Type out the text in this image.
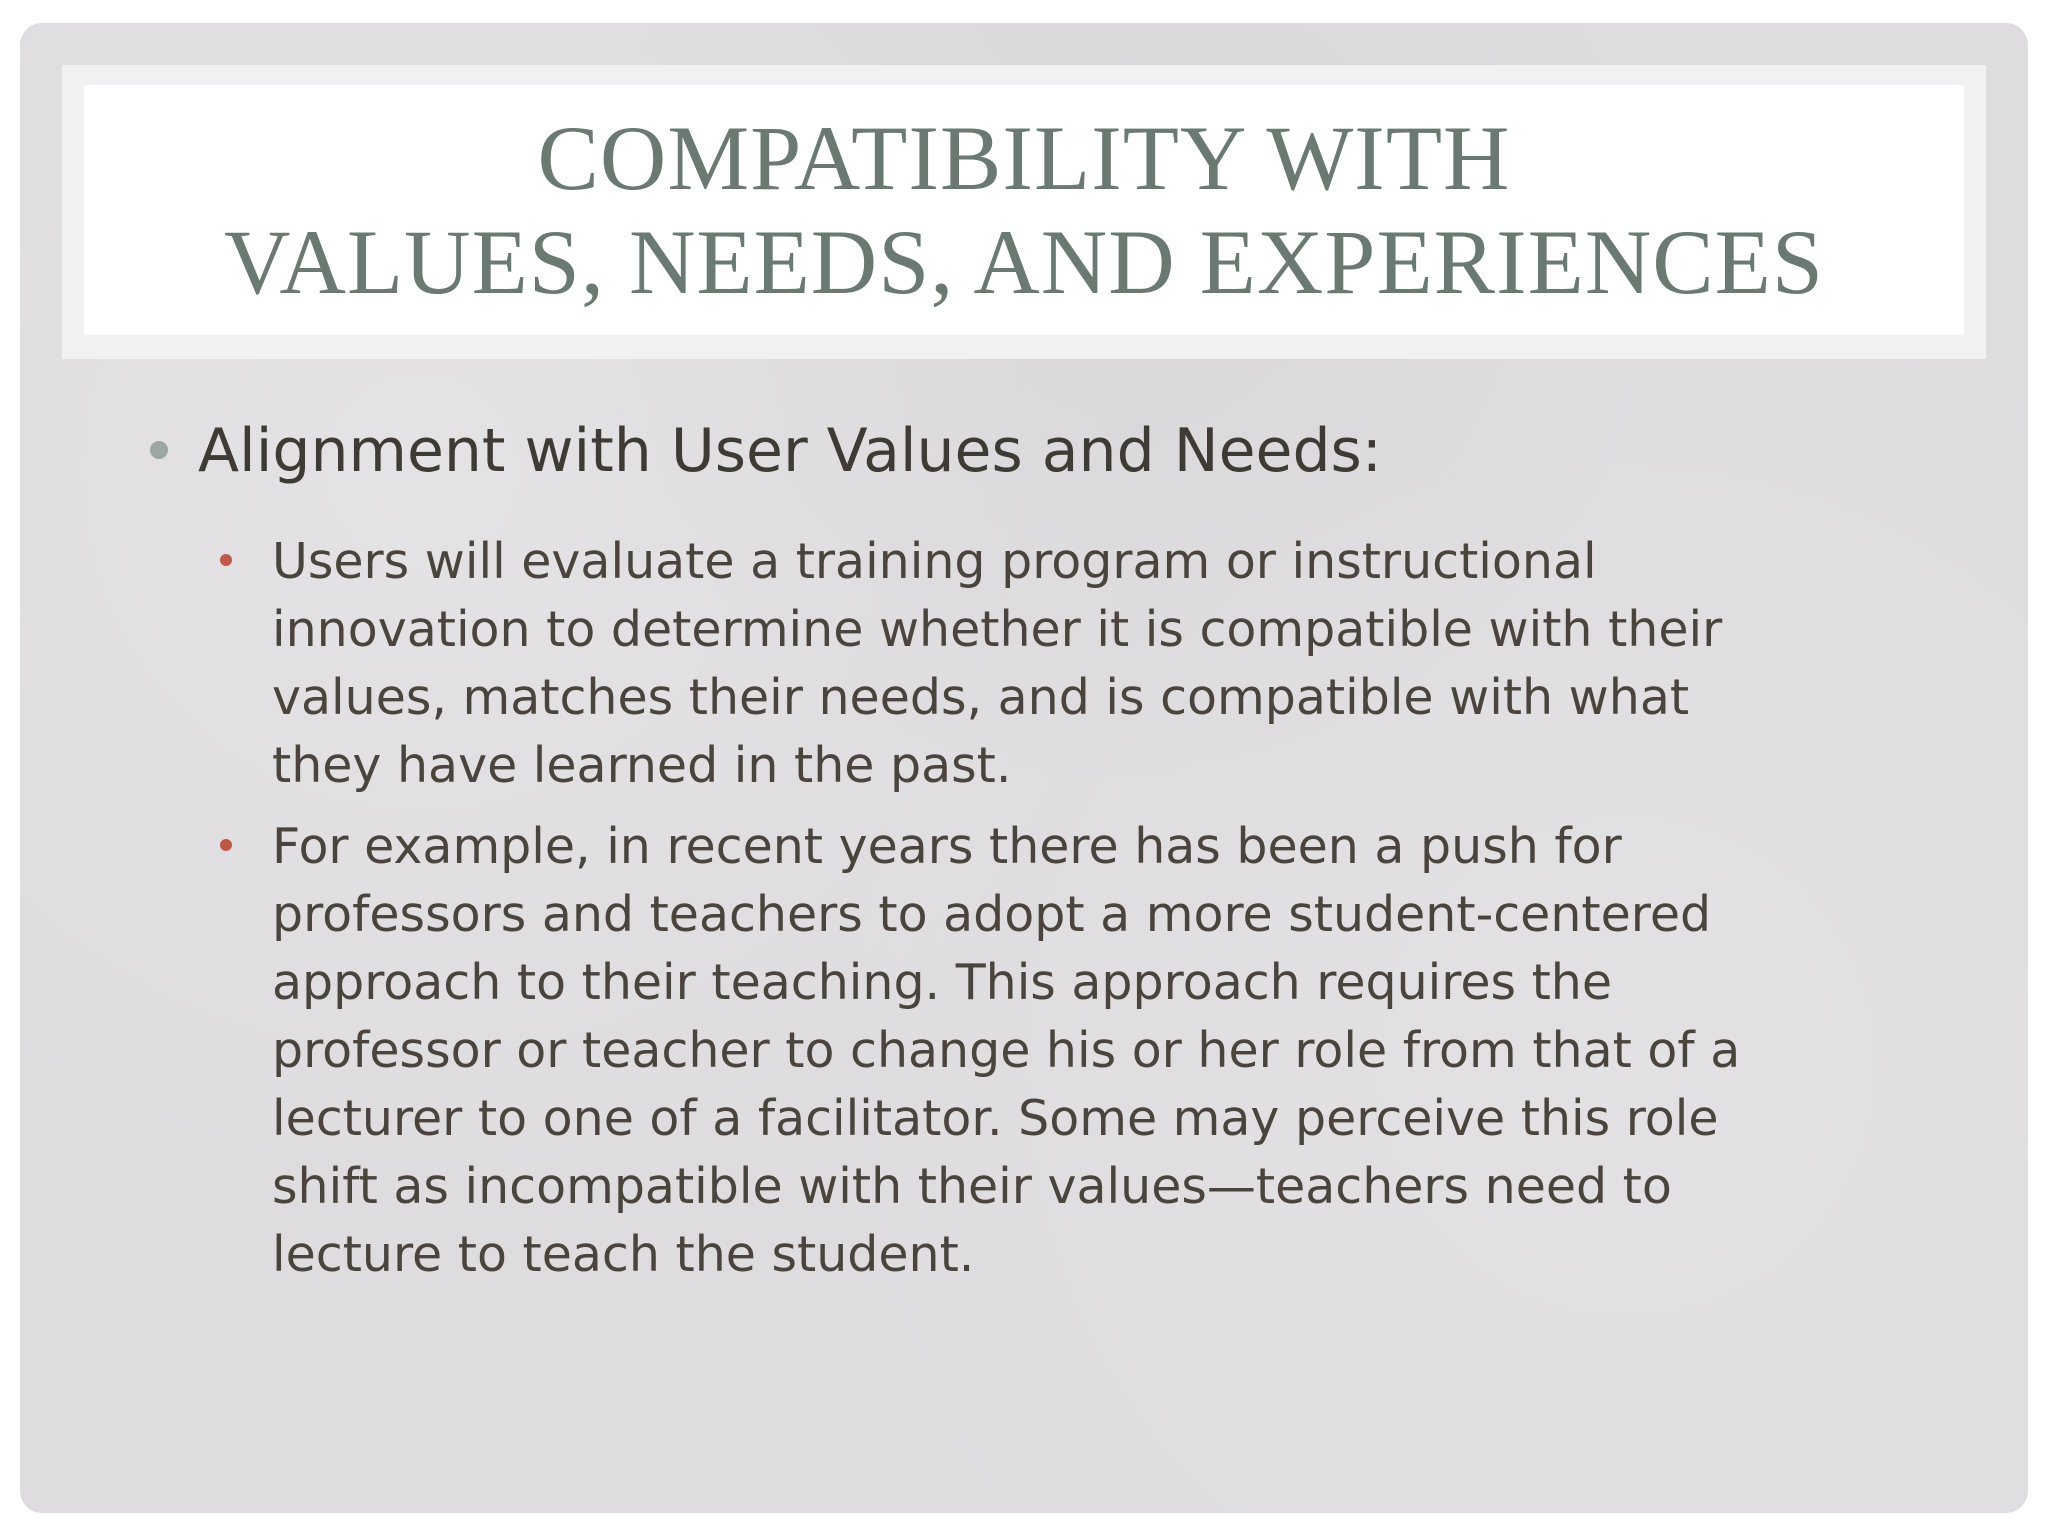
COMPATIBILITY WITH
VALUES, NEEDS, AND EXPERIENCES
Alignment with User Values and Needs:
Users will evaluate a training program or instructional
innovation to determine whether it is compatible with their
values, matches their needs, and is compatible with what
they have learned in the past.
For example, in recent years there has been a push for
professors and teachers to adopt a more student-centered
approach to their teaching. This approach requires the
professor or teacher to change his or her role from that of a
lecturer to one of a facilitator. Some may perceive this role
shift as incompatible with their values—teachers need to
lecture to teach the student.
